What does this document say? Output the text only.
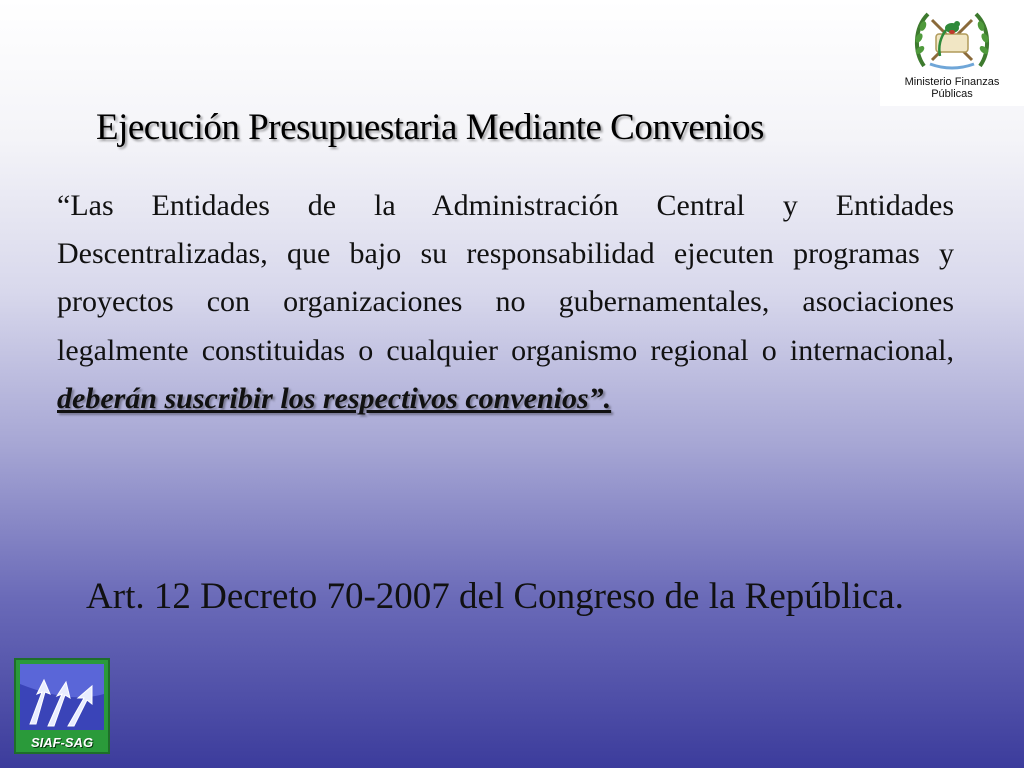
Ministerio Finanzas
Públicas
Ejecución Presupuestaria Mediante Convenios
“Las Entidades de la Administración Central y Entidades Descentralizadas, que bajo su responsabilidad ejecuten programas y proyectos con organizaciones no gubernamentales, asociaciones legalmente constituidas o cualquier organismo regional o internacional, deberán suscribir los respectivos convenios”.
Art. 12 Decreto 70-2007 del Congreso de la República.
SIAF-SAG
